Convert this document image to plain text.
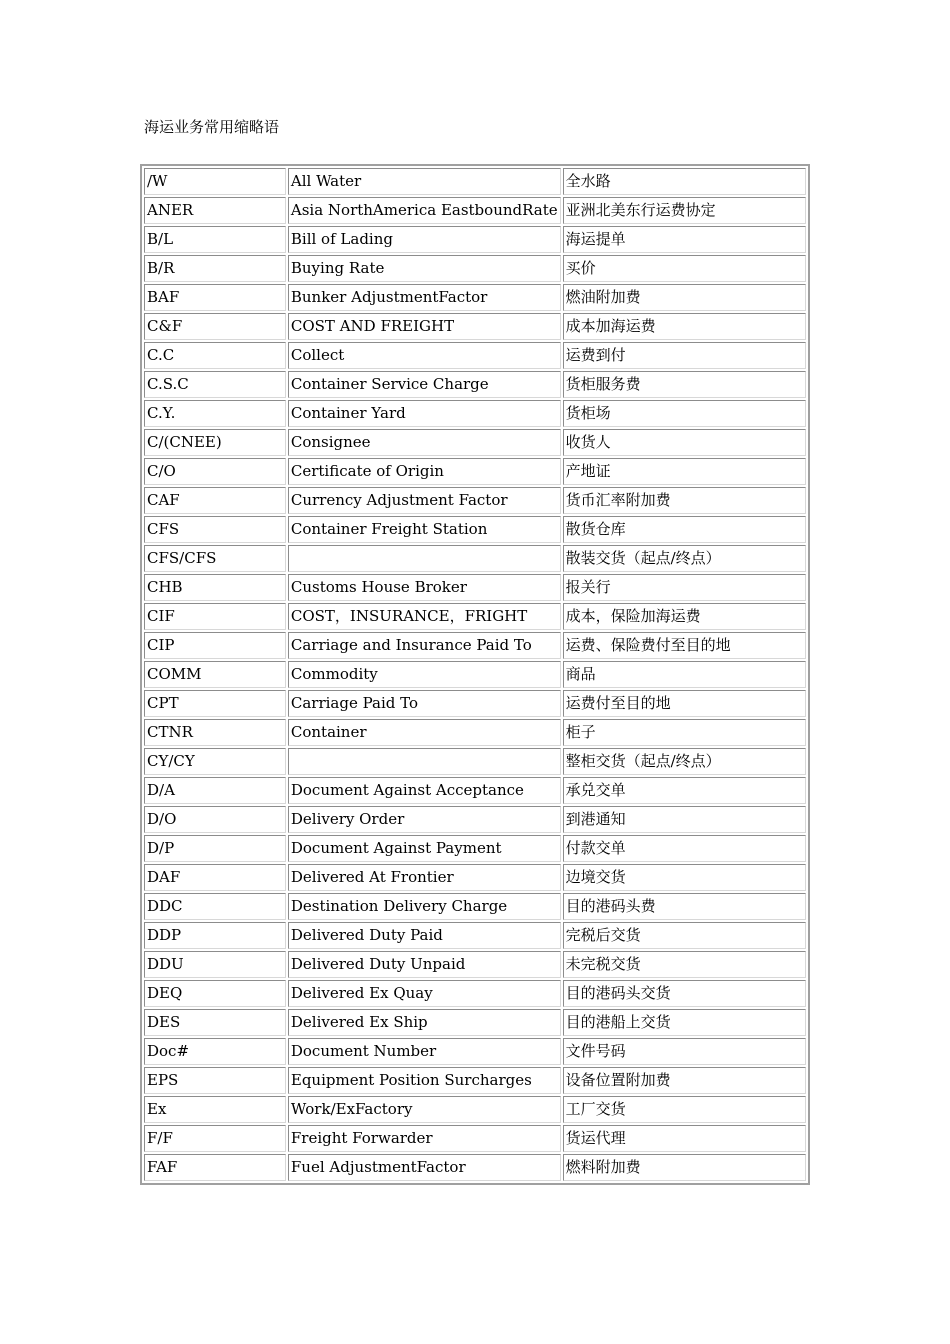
海运业务常用缩略语
/W	All Water	全水路
ANER	Asia NorthAmerica EastboundRate	亚洲北美东行运费协定
B/L	Bill of Lading	海运提单
B/R	Buying Rate	买价
BAF	Bunker AdjustmentFactor	燃油附加费
C&F	COST AND FREIGHT	成本加海运费
C.C	Collect	运费到付
C.S.C	Container Service Charge	货柜服务费
C.Y.	Container Yard	货柜场
C/(CNEE)	Consignee	收货人
C/O	Certificate of Origin	产地证
CAF	Currency Adjustment Factor	货币汇率附加费
CFS	Container Freight Station	散货仓库
CFS/CFS		散装交货（起点/终点）
CHB	Customs House Broker	报关行
CIF	COST，INSURANCE，FRIGHT	成本，保险加海运费
CIP	Carriage and Insurance Paid To	运费、保险费付至目的地
COMM	Commodity	商品
CPT	Carriage Paid To	运费付至目的地
CTNR	Container	柜子
CY/CY		整柜交货（起点/终点）
D/A	Document Against Acceptance	承兑交单
D/O	Delivery Order	到港通知
D/P	Document Against Payment	付款交单
DAF	Delivered At Frontier	边境交货
DDC	Destination Delivery Charge	目的港码头费
DDP	Delivered Duty Paid	完税后交货
DDU	Delivered Duty Unpaid	未完税交货
DEQ	Delivered Ex Quay	目的港码头交货
DES	Delivered Ex Ship	目的港船上交货
Doc#	Document Number	文件号码
EPS	Equipment Position Surcharges	设备位置附加费
Ex	Work/ExFactory	工厂交货
F/F	Freight Forwarder	货运代理
FAF	Fuel AdjustmentFactor	燃料附加费
